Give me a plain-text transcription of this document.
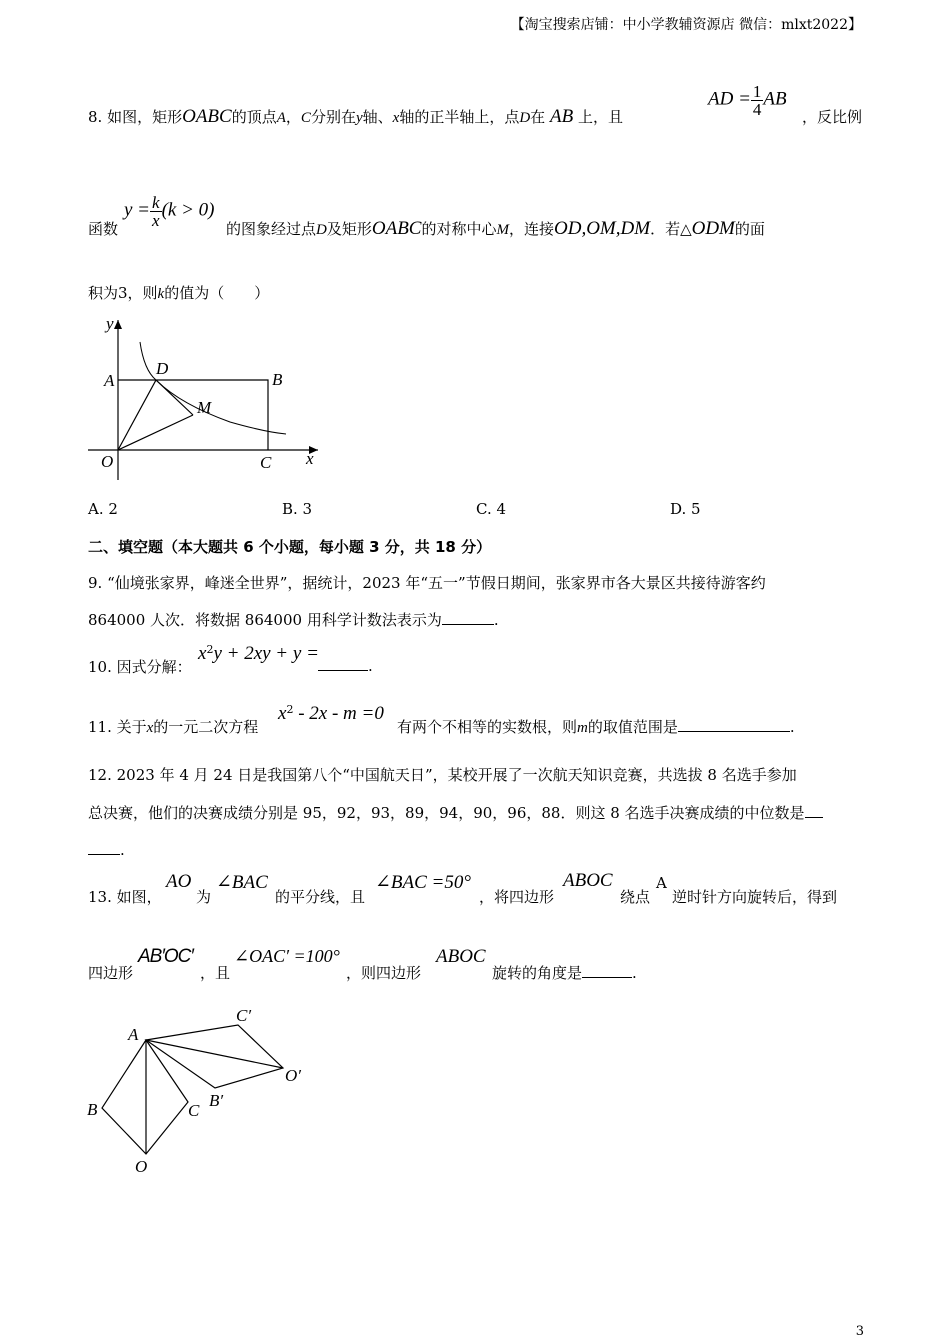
【淘宝搜索店铺：中小学教辅资源店 微信：mlxt2022】
8. 如图，矩形OABC的顶点A，C分别在y轴、x轴的正半轴上，点D在 AB 上，且
AD = $\frac{1}{4}$ AB
，反比例
函数
$y = \frac{k}{x} (k > 0)$
的图象经过点D及矩形OABC的对称中心M，连接OD,OM,DM．若△ODM的面
积为3，则k的值为（　　）
y
A
D
B
M
O	C x
A. 2	B. 3	C. 4	D. 5
二、填空题（本大题共 6 个小题，每小题 3 分，共 18 分）
9. “仙境张家界，峰迷全世界”，据统计，2023 年“五一”节假日期间，张家界市各大景区共接待游客约
864000 人次．将数据 864000 用科学计数法表示为	.
10. 因式分解：
$x^2y + 2xy + y$ =
.
11. 关于x的一元二次方程
$x^2 - 2x - m =0$
有两个不相等的实数根，则m的取值范围是	.
12. 2023 年 4 月 24 日是我国第八个“中国航天日”，某校开展了一次航天知识竞赛，共选拔 8 名选手参加
总决赛，他们的决赛成绩分别是 95，92，93，89，94，90，96，88．则这 8 名选手决赛成绩的中位数是
.
13. 如图，
AO
为
∠BAC
的平分线，且
∠BAC =50°
，将四边形
ABOC
绕点
A
逆时针方向旋转后，得到
四边形
AB′OC′
，且
∠OAC′ =100°
，则四边形
ABOC
旋转的角度是	.
A
C′
O′
B′
B	C
O
3
